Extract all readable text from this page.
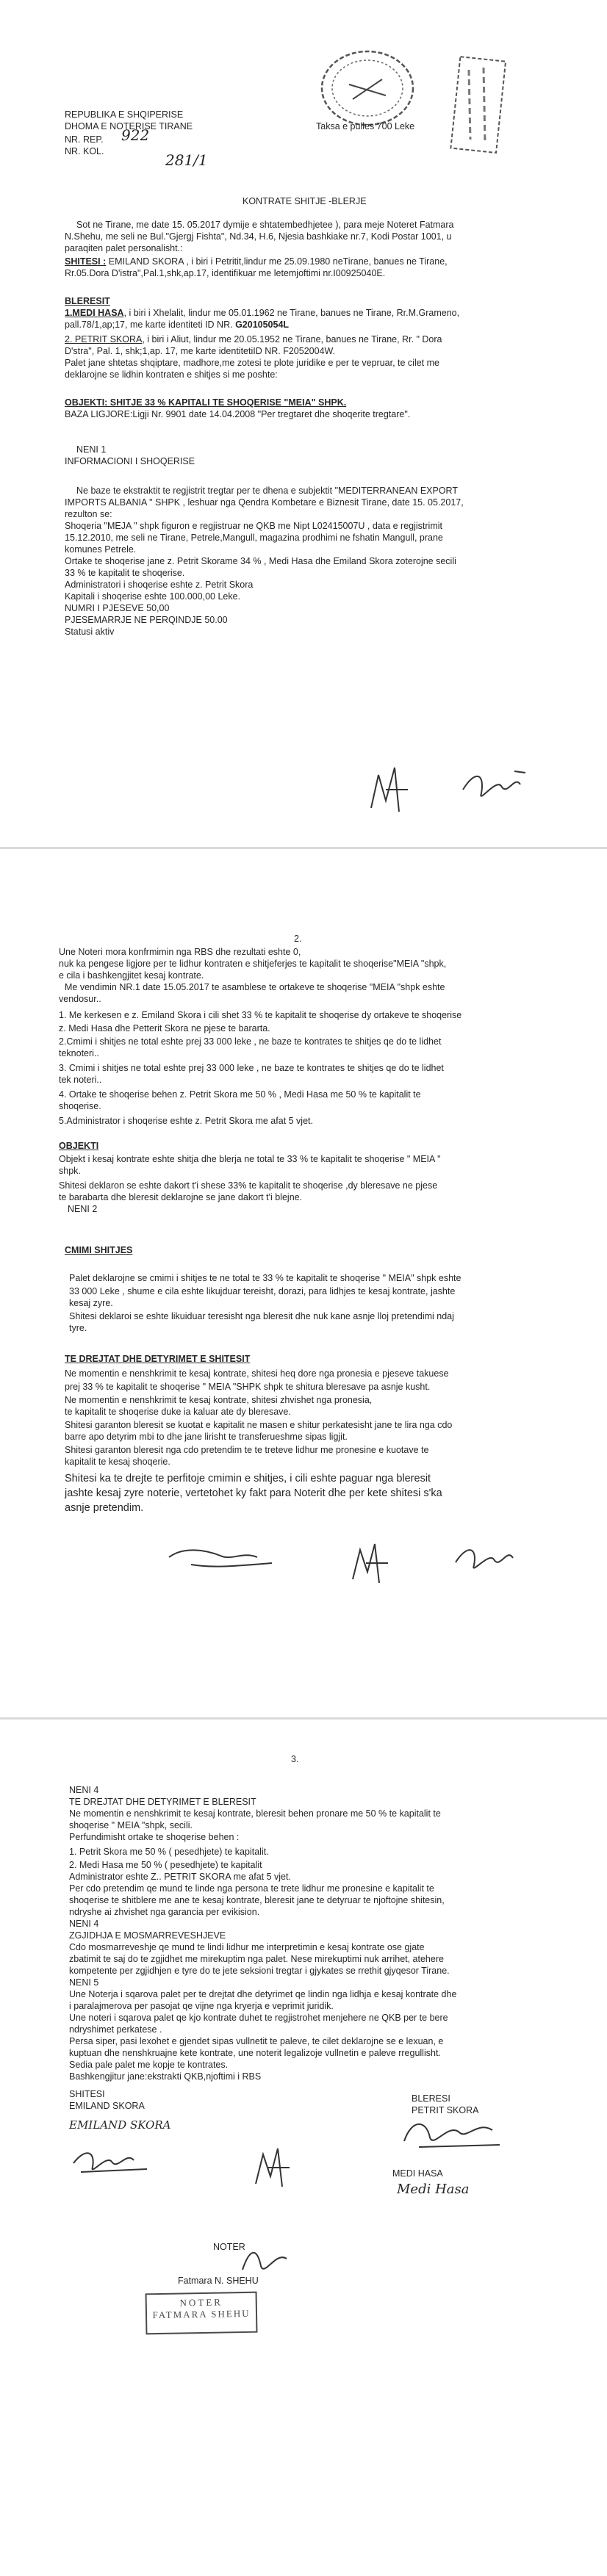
REPUBLIKA E SHQIPERISE
DHOMA E NOTERISE TIRANE	Taksa e pulles 700 Leke
NR. REP. 922
NR. KOL.	281/1
KONTRATE SHITJE -BLERJE
Sot ne Tirane, me date 15. 05.2017 dymije e shtatembedhjetee ), para meje Noteret Fatmara
N.Shehu, me seli ne Bul."Gjergj Fishta", Nd.34, H.6, Njesia bashkiake nr.7, Kodi Postar 1001, u
paraqiten palet personalisht.:
SHITESI : EMILAND SKORA , i biri i Petritit,lindur me 25.09.1980 neTirane, banues ne Tirane,
Rr.05.Dora D'istra",Pal.1,shk,ap.17, identifikuar me letemjoftimi nr.I00925040E.
BLERESIT
1.MEDI HASA, i biri i Xhelalit, lindur me 05.01.1962 ne Tirane, banues ne Tirane, Rr.M.Grameno,
pall.78/1,ap;17, me karte identiteti ID NR. G20105054L
2. PETRIT SKORA, i biri i Aliut, lindur me 20.05.1952 ne Tirane, banues ne Tirane, Rr. " Dora
D'stra", Pal. 1, shk;1,ap. 17, me karte identitetiID NR. F2052004W.
Palet jane shtetas shqiptare, madhore,me zotesi te plote juridike e per te vepruar, te cilet me
deklarojne se lidhin kontraten e shitjes si me poshte:
OBJEKTI: SHITJE 33 % KAPITALI TE SHOQERISE "MEIA" SHPK.
BAZA LIGJORE:Ligji Nr. 9901 date 14.04.2008 "Per tregtaret dhe shoqerite tregtare".
NENI 1
INFORMACIONI I SHOQERISE
Ne baze te ekstraktit te regjistrit tregtar per te dhena e subjektit "MEDITERRANEAN EXPORT
IMPORTS ALBANIA " SHPK , leshuar nga Qendra Kombetare e Biznesit Tirane, date 15. 05.2017,
rezulton se:
Shoqeria "MEJA " shpk figuron e regjistruar ne QKB me Nipt L02415007U , data e regjistrimit
15.12.2010, me seli ne Tirane, Petrele,Mangull, magazina prodhimi ne fshatin Mangull, prane
komunes Petrele.
Ortake te shoqerise jane z. Petrit Skorame 34 % , Medi Hasa dhe Emiland Skora zoterojne secili
33 % te kapitalit te shoqerise.
Administratori i shoqerise eshte z. Petrit Skora
Kapitali i shoqerise eshte 100.000,00 Leke.
NUMRI I PJESEVE 50,00
PJESEMARRJE NE PERQINDJE 50.00
Statusi aktiv
2.
Une Noteri mora konfrmimin nga RBS dhe rezultati eshte 0,
nuk ka pengese ligjore per te lidhur kontraten e shitjeferjes te kapitalit te shoqerise"MEIA "shpk,
e cila i bashkengjitet kesaj kontrate.
Me vendimin NR.1 date 15.05.2017 te asamblese te ortakeve te shoqerise "MEIA "shpk eshte
vendosur..
1. Me kerkesen e z. Emiland Skora i cili shet 33 % te kapitalit te shoqerise dy ortakeve te shoqerise
z. Medi Hasa dhe Petterit Skora ne pjese te bararta.
2.Cmimi i shitjes ne total eshte prej 33 000 leke , ne baze te kontrates te shitjes qe do te lidhet
teknoteri..
3. Cmimi i shitjes ne total eshte prej 33 000 leke , ne baze te kontrates te shitjes qe do te lidhet
tek noteri..
4. Ortake te shoqerise behen z. Petrit Skora me 50 % , Medi Hasa me 50 % te kapitalit te
shoqerise.
5.Administrator i shoqerise eshte z. Petrit Skora me afat 5 vjet.
OBJEKTI
Objekt i kesaj kontrate eshte shitja dhe blerja ne total te 33 % te kapitalit te shoqerise " MEIA "
shpk.
Shitesi deklaron se eshte dakort t'i shese 33% te kapitalit te shoqerise ,dy bleresave ne pjese
te barabarta dhe bleresit deklarojne se jane dakort t'i blejne.
NENI 2
CMIMI SHITJES
Palet deklarojne se cmimi i shitjes te ne total te 33 % te kapitalit te shoqerise " MEIA" shpk eshte
33 000 Leke , shume e cila eshte likujduar tereisht, dorazi, para lidhjes te kesaj kontrate, jashte
kesaj zyre.
Shitesi deklaroi se eshte likuiduar teresisht nga bleresit dhe nuk kane asnje lloj pretendimi ndaj
tyre.
TE DREJTAT DHE DETYRIMET E SHITESIT
Ne momentin e nenshkrimit te kesaj kontrate, shitesi heq dore nga pronesia e pjeseve takuese
prej 33 % te kapitalit te shoqerise " MEIA "SHPK shpk te shitura bleresave pa asnje kusht.
Ne momentin e nenshkrimit te kesaj kontrate, shitesi zhvishet nga pronesia,
te kapitalit te shoqerise duke ia kaluar ate dy bleresave.
Shitesi garanton bleresit se kuotat e kapitalit ne masen e shitur perkatesisht jane te lira nga cdo
barre apo detyrim mbi to dhe jane lirisht te transferueshme sipas ligjit.
Shitesi garanton bleresit nga cdo pretendim te te treteve lidhur me pronesine e kuotave te
kapitalit te kesaj shoqerie.
Shitesi ka te drejte te perfitoje cmimin e shitjes, i cili eshte paguar nga bleresit
jashte kesaj zyre noterie, vertetohet ky fakt para Noterit dhe per kete shitesi s'ka
asnje pretendim.
3.
NENI 4
TE DREJTAT DHE DETYRIMET E BLERESIT
Ne momentin e nenshkrimit te kesaj kontrate, bleresit behen pronare me 50 % te kapitalit te
shoqerise " MEIA "shpk, secili.
Perfundimisht ortake te shoqerise behen :
1. Petrit Skora me 50 % ( pesedhjete) te kapitalit.
2. Medi Hasa me 50 % ( pesedhjete) te kapitalit
Administrator eshte Z.. PETRIT SKORA me afat 5 vjet.
Per cdo pretendim qe mund te linde nga persona te trete lidhur me pronesine e kapitalit te
shoqerise te shitblere me ane te kesaj kontrate, bleresit jane te detyruar te njoftojne shitesin,
ndryshe ai zhvishet nga garancia per evikision.
NENI 4
ZGJIDHJA E MOSMARREVESHJEVE
Cdo mosmarreveshje qe mund te lindi lidhur me interpretimin e kesaj kontrate ose gjate
zbatimit te saj do te zgjidhet me mirekuptim nga palet. Nese mirekuptimi nuk arrihet, atehere
kompetente per zgjidhjen e tyre do te jete seksioni tregtar i gjykates se rrethit gjyqesor Tirane.
NENI 5
Une Noterja i sqarova palet per te drejtat dhe detyrimet qe lindin nga lidhja e kesaj kontrate dhe
i paralajmerova per pasojat qe vijne nga kryerja e veprimit juridik.
Une noteri i sqarova palet qe kjo kontrate duhet te regjistrohet menjehere ne QKB per te bere
ndryshimet perkatese .
Persa siper, pasi lexohet e gjendet sipas vullnetit te paleve, te cilet deklarojne se e lexuan, e
kuptuan dhe nenshkruajne kete kontrate, une noterit legalizoje vullnetin e paleve rregullisht.
Sedia pale palet me kopje te kontrates.
Bashkengjitur jane:ekstrakti QKB,njoftimi i RBS
SHITESI
EMILAND SKORA
EMILAND SKORA
BLERESI
PETRIT SKORA
MEDI HASA
Medi Hasa
NOTER
Fatmara N. SHEHU
NOTER
FATMARA SHEHU
